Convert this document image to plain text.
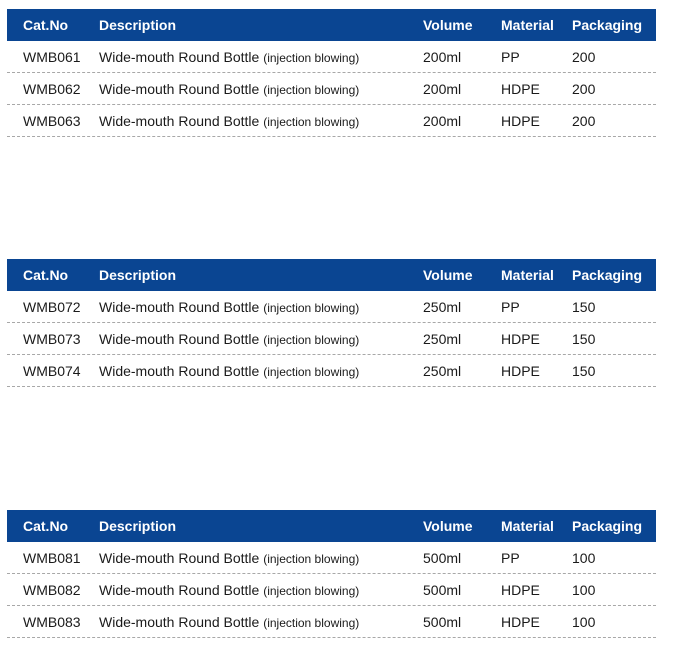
Cat.No Description	Volume Material Packaging
WMB061 Wide-mouth Round Bottle (injection blowing)	200ml	PP	200
WMB062 Wide-mouth Round Bottle (injection blowing)	200ml	HDPE 200
WMB063 Wide-mouth Round Bottle (injection blowing)	200ml	HDPE 200
Cat.No Description	Volume Material Packaging
WMB072 Wide-mouth Round Bottle (injection blowing)	250ml	PP	150
WMB073 Wide-mouth Round Bottle (injection blowing)	250ml	HDPE 150
WMB074 Wide-mouth Round Bottle (injection blowing)	250ml	HDPE 150
Cat.No Description	Volume Material Packaging
WMB081 Wide-mouth Round Bottle (injection blowing)	500ml	PP	100
WMB082 Wide-mouth Round Bottle (injection blowing)	500ml	HDPE 100
WMB083 Wide-mouth Round Bottle (injection blowing)	500ml	HDPE 100
